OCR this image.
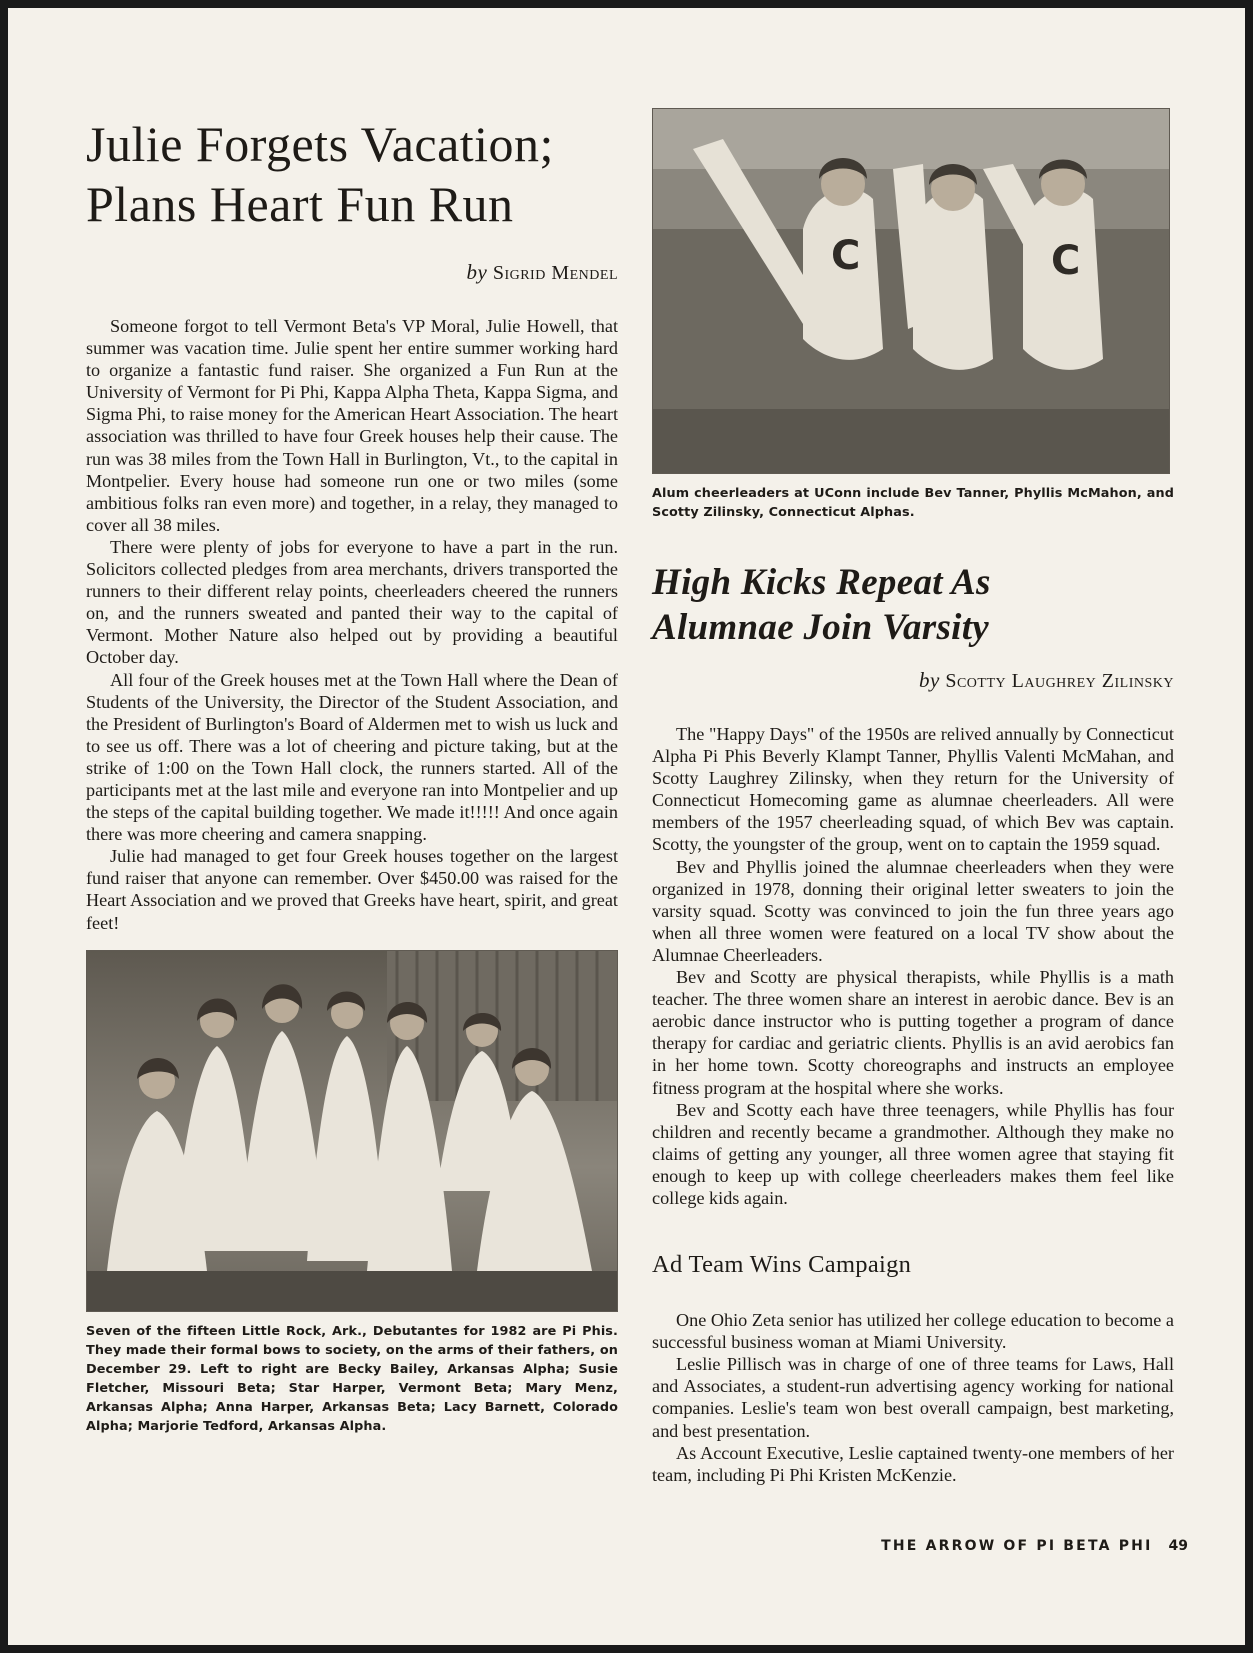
Julie Forgets Vacation;
Plans Heart Fun Run
by Sigrid Mendel

Someone forgot to tell Vermont Beta's VP Moral, Julie Howell, that summer was vacation time. Julie spent her entire summer working hard to organize a fantastic fund raiser. She organized a Fun Run at the University of Vermont for Pi Phi, Kappa Alpha Theta, Kappa Sigma, and Sigma Phi, to raise money for the American Heart Association. The heart association was thrilled to have four Greek houses help their cause. The run was 38 miles from the Town Hall in Burlington, Vt., to the capital in Montpelier. Every house had someone run one or two miles (some ambitious folks ran even more) and together, in a relay, they managed to cover all 38 miles.

There were plenty of jobs for everyone to have a part in the run. Solicitors collected pledges from area merchants, drivers transported the runners to their different relay points, cheerleaders cheered the runners on, and the runners sweated and panted their way to the capital of Vermont. Mother Nature also helped out by providing a beautiful October day.

All four of the Greek houses met at the Town Hall where the Dean of Students of the University, the Director of the Student Association, and the President of Burlington's Board of Aldermen met to wish us luck and to see us off. There was a lot of cheering and picture taking, but at the strike of 1:00 on the Town Hall clock, the runners started. All of the participants met at the last mile and everyone ran into Montpelier and up the steps of the capital building together. We made it!!!!! And once again there was more cheering and camera snapping.

Julie had managed to get four Greek houses together on the largest fund raiser that anyone can remember. Over $450.00 was raised for the Heart Association and we proved that Greeks have heart, spirit, and great feet!

Seven of the fifteen Little Rock, Ark., Debutantes for 1982 are Pi Phis. They made their formal bows to society, on the arms of their fathers, on December 29. Left to right are Becky Bailey, Arkansas Alpha; Susie Fletcher, Missouri Beta; Star Harper, Vermont Beta; Mary Menz, Arkansas Alpha; Anna Harper, Arkansas Beta; Lacy Barnett, Colorado Alpha; Marjorie Tedford, Arkansas Alpha.
C	C
Alum cheerleaders at UConn include Bev Tanner, Phyllis McMahon, and Scotty Zilinsky, Connecticut Alphas.
High Kicks Repeat As
Alumnae Join Varsity
by Scotty Laughrey Zilinsky

The "Happy Days" of the 1950s are relived annually by Connecticut Alpha Pi Phis Beverly Klampt Tanner, Phyllis Valenti McMahan, and Scotty Laughrey Zilinsky, when they return for the University of Connecticut Homecoming game as alumnae cheerleaders. All were members of the 1957 cheerleading squad, of which Bev was captain. Scotty, the youngster of the group, went on to captain the 1959 squad.

Bev and Phyllis joined the alumnae cheerleaders when they were organized in 1978, donning their original letter sweaters to join the varsity squad. Scotty was convinced to join the fun three years ago when all three women were featured on a local TV show about the Alumnae Cheerleaders.

Bev and Scotty are physical therapists, while Phyllis is a math teacher. The three women share an interest in aerobic dance. Bev is an aerobic dance instructor who is putting together a program of dance therapy for cardiac and geriatric clients. Phyllis is an avid aerobics fan in her home town. Scotty choreographs and instructs an employee fitness program at the hospital where she works.

Bev and Scotty each have three teenagers, while Phyllis has four children and recently became a grandmother. Although they make no claims of getting any younger, all three women agree that staying fit enough to keep up with college cheerleaders makes them feel like college kids again.

Ad Team Wins Campaign

One Ohio Zeta senior has utilized her college education to become a successful business woman at Miami University.

Leslie Pillisch was in charge of one of three teams for Laws, Hall and Associates, a student-run advertising agency working for national companies. Leslie's team won best overall campaign, best marketing, and best presentation.

As Account Executive, Leslie captained twenty-one members of her team, including Pi Phi Kristen McKenzie.

THE ARROW OF PI BETA PHI 49
